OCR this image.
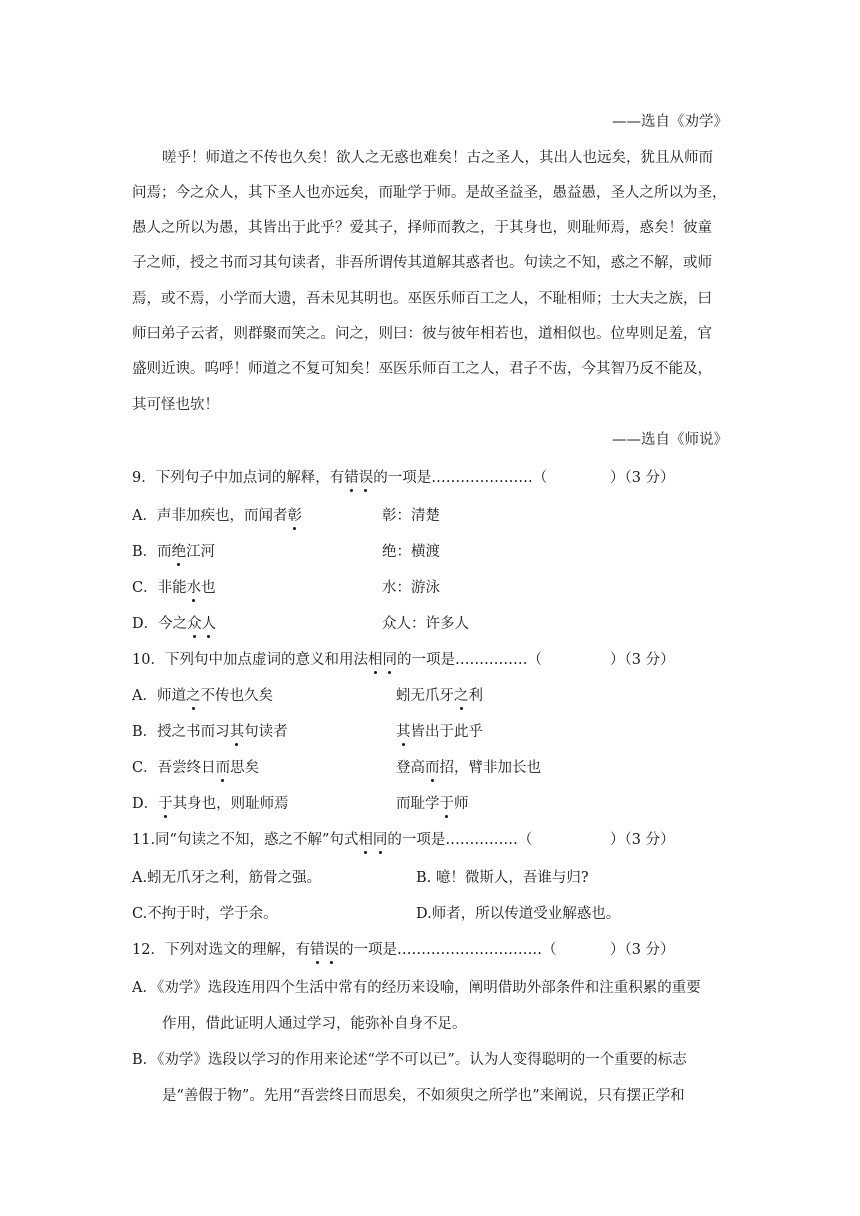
——选自《劝学》
嗟乎！师道之不传也久矣！欲人之无惑也难矣！古之圣人，其出人也远矣，犹且从师而
问焉；今之众人，其下圣人也亦远矣，而耻学于师。是故圣益圣，愚益愚，圣人之所以为圣，
愚人之所以为愚，其皆出于此乎？爱其子，择师而教之，于其身也，则耻师焉，惑矣！彼童
子之师，授之书而习其句读者，非吾所谓传其道解其惑者也。句读之不知，惑之不解，或师
焉，或不焉，小学而大遗，吾未见其明也。巫医乐师百工之人，不耻相师；士大夫之族，曰
师曰弟子云者，则群聚而笑之。问之，则曰：彼与彼年相若也，道相似也。位卑则足羞，官
盛则近谀。呜呼！师道之不复可知矣！巫医乐师百工之人，君子不齿，今其智乃反不能及，
其可怪也欤！
——选自《师说》
9．下列句子中加点词的解释，有错误的一项是…………………（	）（3 分）
A．声非加疾也，而闻者彰	彰：清楚
B．而绝江河	绝：横渡
C．非能水也	水：游泳
D．今之众人	众人：许多人
10．下列句中加点虚词的意义和用法相同的一项是……………（	）（3 分）
A．师道之不传也久矣	蚓无爪牙之利
B．授之书而习其句读者	其皆出于此乎
C．吾尝终日而思矣	登高而招，臂非加长也
D．于其身也，则耻师焉	而耻学于师
11.同“句读之不知，惑之不解”句式相同的一项是……………（	）（3 分）
A.蚓无爪牙之利，筋骨之强。	B. 噫！微斯人，吾谁与归?
C.不拘于时，学于余。	D.师者，所以传道受业解惑也。
12．下列对选文的理解，有错误的一项是…………………………（	）（3 分）
A．《劝学》选段连用四个生活中常有的经历来设喻，阐明借助外部条件和注重积累的重要
作用，借此证明人通过学习，能弥补自身不足。
B．《劝学》选段以学习的作用来论述“学不可以已”。认为人变得聪明的一个重要的标志
是“善假于物”。先用“吾尝终日而思矣，不如须臾之所学也”来阐说，只有摆正学和
